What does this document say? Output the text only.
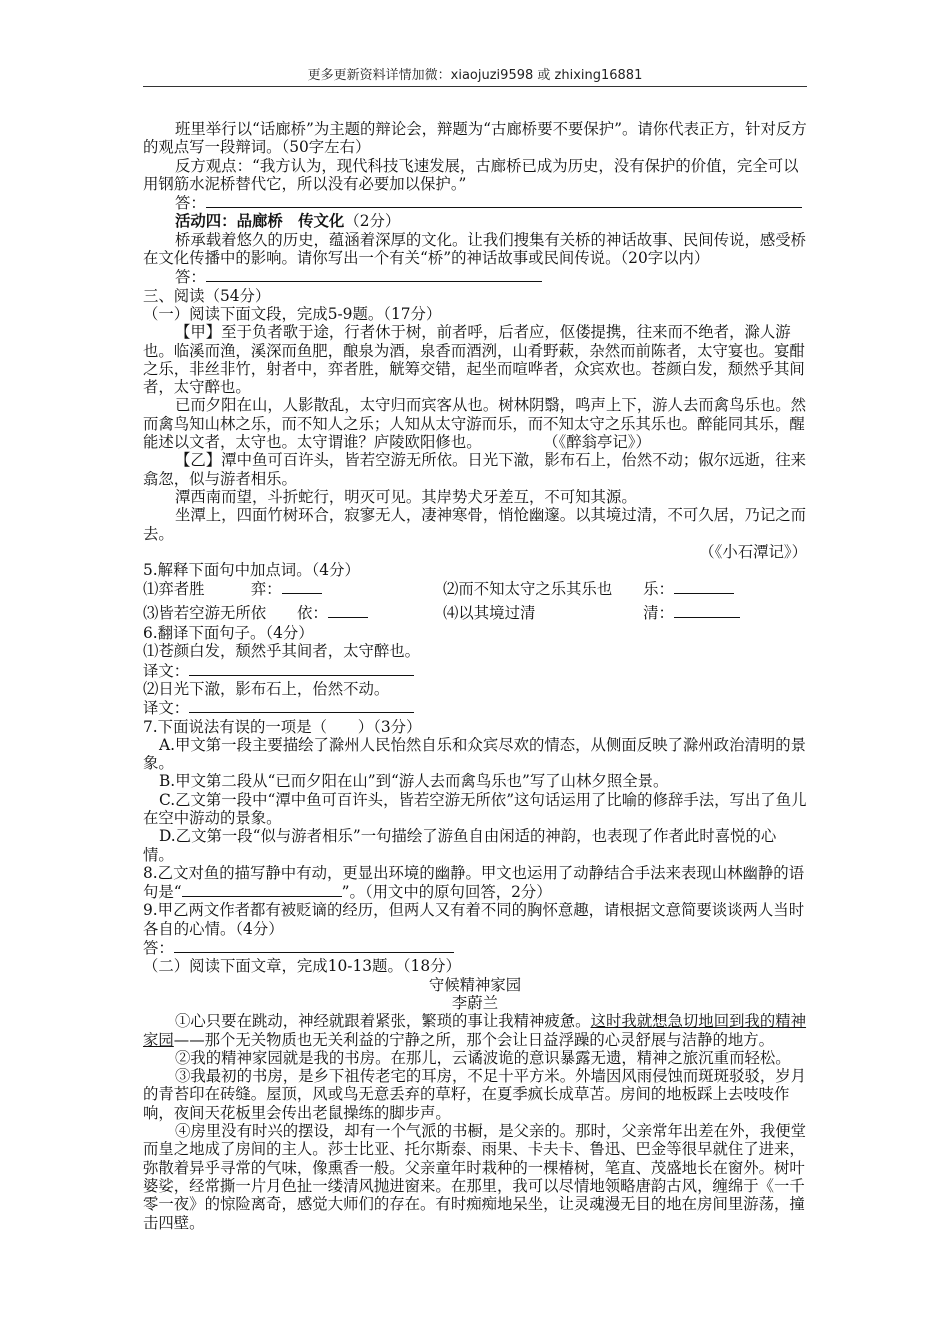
更多更新资料详情加微：xiaojuzi9598 或 zhixing16881

班里举行以“话廊桥”为主题的辩论会，辩题为“古廊桥要不要保护”。请你代表正方，针对反方的观点写一段辩词。（50字左右）

反方观点：“我方认为，现代科技飞速发展，古廊桥已成为历史，没有保护的价值，完全可以用钢筋水泥桥替代它，所以没有必要加以保护。”

答：

活动四：品廊桥　传文化（2分）

桥承载着悠久的历史，蕴涵着深厚的文化。让我们搜集有关桥的神话故事、民间传说，感受桥在文化传播中的影响。请你写出一个有关“桥”的神话故事或民间传说。（20字以内）

答：

三、阅读（54分）

（一）阅读下面文段，完成5-9题。（17分）

【甲】至于负者歌于途，行者休于树，前者呼，后者应，伛偻提携，往来而不绝者，滁人游也。临溪而渔，溪深而鱼肥，酿泉为酒，泉香而酒洌，山肴野蔌，杂然而前陈者，太守宴也。宴酣之乐，非丝非竹，射者中，弈者胜，觥筹交错，起坐而喧哗者，众宾欢也。苍颜白发，颓然乎其间者，太守醉也。

已而夕阳在山，人影散乱，太守归而宾客从也。树林阴翳，鸣声上下，游人去而禽鸟乐也。然而禽鸟知山林之乐，而不知人之乐；人知从太守游而乐，而不知太守之乐其乐也。醉能同其乐，醒能述以文者，太守也。太守谓谁？庐陵欧阳修也。　　　　　（《醉翁亭记》）

【乙】潭中鱼可百许头，皆若空游无所依。日光下澈，影布石上，佁然不动；俶尔远逝，往来翕忽，似与游者相乐。

潭西南而望，斗折蛇行，明灭可见。其岸势犬牙差互，不可知其源。

坐潭上，四面竹树环合，寂寥无人，凄神寒骨，悄怆幽邃。以其境过清，不可久居，乃记之而去。

（《小石潭记》）

5.解释下面句中加点词。（4分）

⑴弈者胜　　　	弈：	⑵而不知太守之乐其乐也　　 乐：
⑶皆若空游无所依　　 依：	⑷以其境过清　　　　　　　	清：

6.翻译下面句子。（4分）

⑴苍颜白发，颓然乎其间者，太守醉也。

译文：

⑵日光下澈，影布石上，佁然不动。

译文：

7.下面说法有误的一项是（　　）（3分）

A.甲文第一段主要描绘了滁州人民怡然自乐和众宾尽欢的情态，从侧面反映了滁州政治清明的景象。

B.甲文第二段从“已而夕阳在山”到“游人去而禽鸟乐也”写了山林夕照全景。

C.乙文第一段中“潭中鱼可百许头，皆若空游无所依”这句话运用了比喻的修辞手法，写出了鱼儿在空中游动的景象。

D.乙文第一段“似与游者相乐”一句描绘了游鱼自由闲适的神韵，也表现了作者此时喜悦的心情。

8.乙文对鱼的描写静中有动，更显出环境的幽静。甲文也运用了动静结合手法来表现山林幽静的语句是“	”。（用文中的原句回答，2分）

9.甲乙两文作者都有被贬谪的经历，但两人又有着不同的胸怀意趣，请根据文意简要谈谈两人当时各自的心情。（4分）

答：

（二）阅读下面文章，完成10-13题。（18分）

守候精神家园

李蔚兰

①心只要在跳动，神经就跟着紧张，繁琐的事让我精神疲惫。这时我就想急切地回到我的精神家园——那个无关物质也无关利益的宁静之所，那个会让日益浮躁的心灵舒展与洁静的地方。

②我的精神家园就是我的书房。在那儿，云谲波诡的意识暴露无遗，精神之旅沉重而轻松。

③我最初的书房，是乡下祖传老宅的耳房，不足十平方米。外墙因风雨侵蚀而斑斑驳驳，岁月的青苔印在砖缝。屋顶，风或鸟无意丢弃的草籽，在夏季疯长成草苫。房间的地板踩上去吱吱作响，夜间天花板里会传出老鼠操练的脚步声。

④房里没有时兴的摆设，却有一个气派的书橱，是父亲的。那时，父亲常年出差在外，我便堂而皇之地成了房间的主人。莎士比亚、托尔斯泰、雨果、卡夫卡、鲁迅、巴金等很早就住了进来，弥散着异乎寻常的气味，像熏香一般。父亲童年时栽种的一棵椿树，笔直、茂盛地长在窗外。树叶婆娑，经常撕一片月色扯一缕清风抛进窗来。在那里，我可以尽情地领略唐韵古风，缠绵于《一千零一夜》的惊险离奇，感觉大师们的存在。有时痴痴地呆坐，让灵魂漫无目的地在房间里游荡，撞击四壁。
